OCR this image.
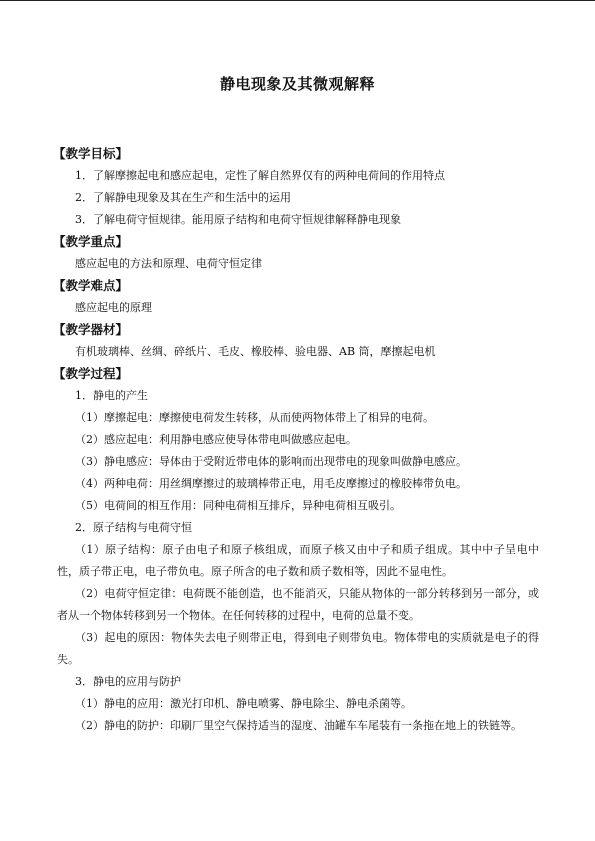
静电现象及其微观解释
【教学目标】
1．了解摩擦起电和感应起电，定性了解自然界仅有的两种电荷间的作用特点
2．了解静电现象及其在生产和生活中的运用
3．了解电荷守恒规律。能用原子结构和电荷守恒规律解释静电现象
【教学重点】
感应起电的方法和原理、电荷守恒定律
【教学难点】
感应起电的原理
【教学器材】
有机玻璃棒、丝绸、碎纸片、毛皮、橡胶棒、验电器、AB 筒，摩擦起电机
【教学过程】
1．静电的产生
（1）摩擦起电：摩擦使电荷发生转移，从而使两物体带上了相异的电荷。
（2）感应起电：利用静电感应使导体带电叫做感应起电。
（3）静电感应：导体由于受附近带电体的影响而出现带电的现象叫做静电感应。
（4）两种电荷：用丝绸摩擦过的玻璃棒带正电，用毛皮摩擦过的橡胶棒带负电。
（5）电荷间的相互作用：同种电荷相互排斥，异种电荷相互吸引。
2．原子结构与电荷守恒
（1）原子结构：原子由电子和原子核组成，而原子核又由中子和质子组成。其中中子呈电中性，质子带正电，电子带负电。原子所含的电子数和质子数相等，因此不显电性。
（2）电荷守恒定律：电荷既不能创造，也不能消灭，只能从物体的一部分转移到另一部分，或者从一个物体转移到另一个物体。在任何转移的过程中，电荷的总量不变。
（3）起电的原因：物体失去电子则带正电，得到电子则带负电。物体带电的实质就是电子的得失。
3．静电的应用与防护
（1）静电的应用：激光打印机、静电喷雾、静电除尘、静电杀菌等。
（2）静电的防护：印刷厂里空气保持适当的湿度、油罐车车尾装有一条拖在地上的铁链等。
